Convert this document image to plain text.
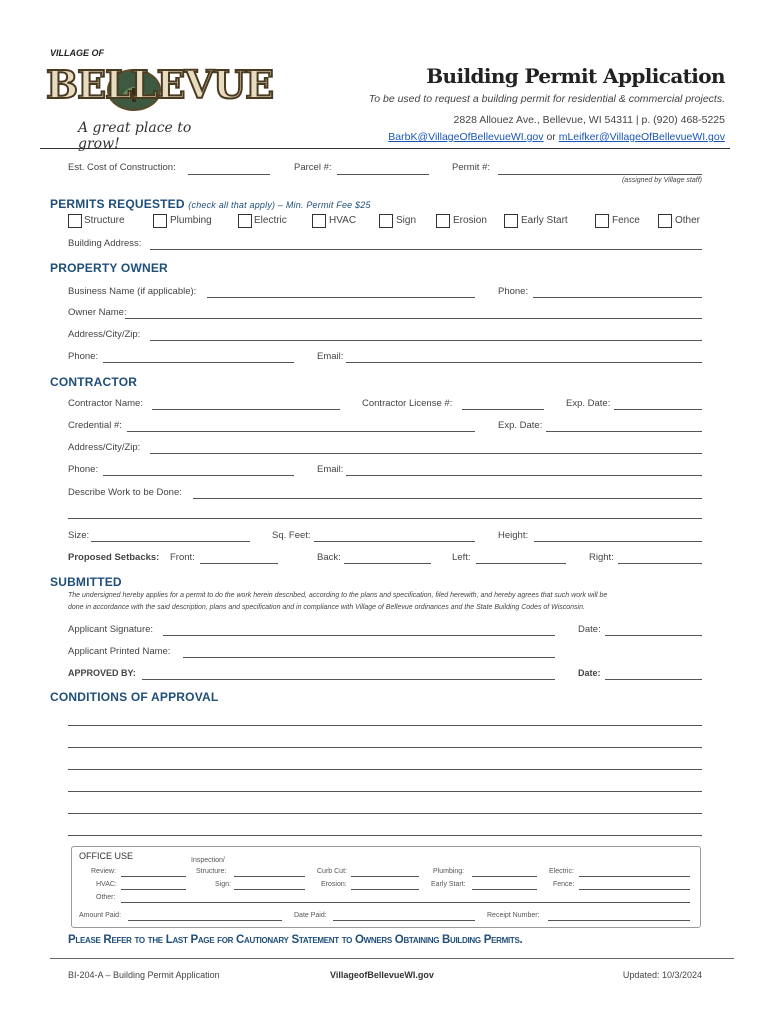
VILLAGE OF
BELLEVUE
A great place to grow!
Building Permit Application
To be used to request a building permit for residential & commercial projects.
2828 Allouez Ave., Bellevue, WI 54311 | p. (920) 468-5225
BarbK@VillageOfBellevueWI.gov or mLeifker@VillageOfBellevueWI.gov
Est. Cost of Construction:	Parcel #:	Permit #:
(assigned by Village staff)
PERMITS REQUESTED (check all that apply) – Min. Permit Fee $25
Structure	Plumbing	Electric	HVAC	Sign	Erosion	Early Start	Fence	Other
Building Address:
PROPERTY OWNER
Business Name (if applicable):	Phone:
Owner Name:
Address/City/Zip:
Phone:	Email:
CONTRACTOR
Contractor Name:	Contractor License #:	Exp. Date:
Credential #:	Exp. Date:
Address/City/Zip:
Phone:	Email:
Describe Work to be Done:
Size:	Sq. Feet:	Height:
Proposed Setbacks: Front:	Back:	Left:	Right:
SUBMITTED
The undersigned hereby applies for a permit to do the work herein described, according to the plans and specification, filed herewith, and hereby agrees that such work will be
done in accordance with the said description, plans and specification and in compliance with Village of Bellevue ordinances and the State Building Codes of Wisconsin.
Applicant Signature:	Date:
Applicant Printed Name:
APPROVED BY:	Date:
CONDITIONS OF APPROVAL
OFFICE USE	Inspection/
Review:	Structure:	Curb Cut:	Plumbing:	Electric:
HVAC:	Sign:	Erosion:	Early Start:	Fence:
Other:
Amount Paid:	Date Paid:	Receipt Number:
Please Refer to the Last Page for Cautionary Statement to Owners Obtaining Building Permits.
BI-204-A – Building Permit Application	VillageofBellevueWI.gov	Updated: 10/3/2024
